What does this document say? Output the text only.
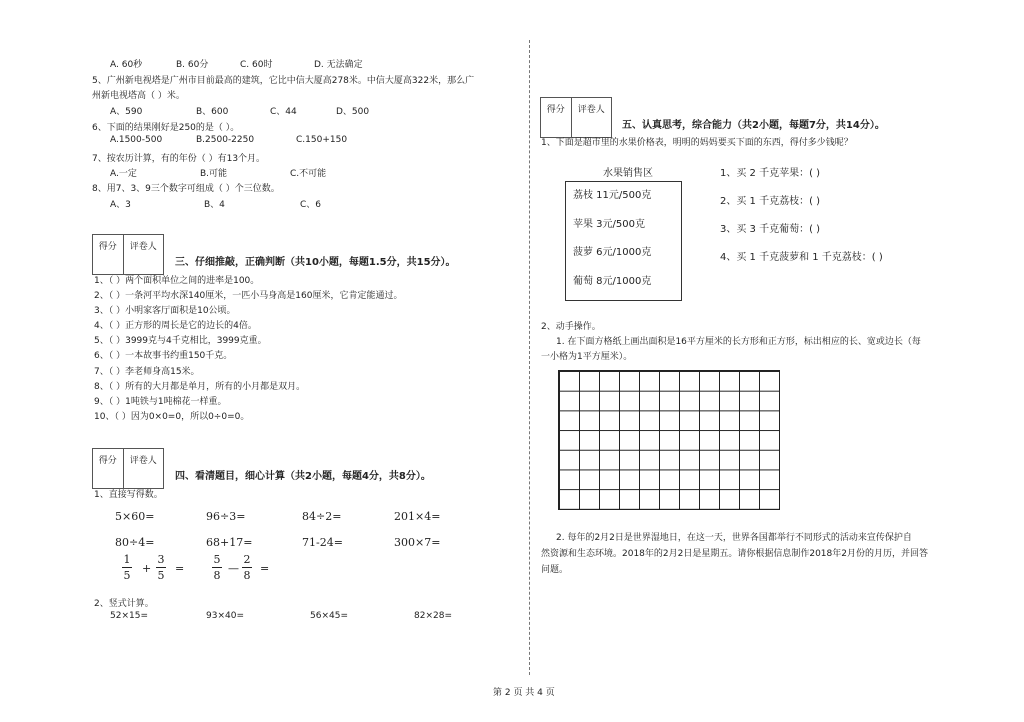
A. 60秒	B. 60分	C. 60时	D. 无法确定
5、广州新电视塔是广州市目前最高的建筑，它比中信大厦高278米。中信大厦高322米，那么广
州新电视塔高（ ）米。
A、590	B、600	C、44	D、500
6、下面的结果刚好是250的是（ ）。
A.1500-500	B.2500-2250	C.150+150
7、按农历计算，有的年份（ ）有13个月。
A.一定	B.可能	C.不可能
8、用7、3、9三个数字可组成（ ）个三位数。
A、3	B、4	C、6
得分	评卷人
三、仔细推敲，正确判断（共10小题，每题1.5分，共15分）。
1、（ ）两个面积单位之间的进率是100。
2、（ ）一条河平均水深140厘米，一匹小马身高是160厘米，它肯定能通过。
3、（ ）小明家客厅面积是10公顷。
4、（ ）正方形的周长是它的边长的4倍。
5、（ ）3999克与4千克相比，3999克重。
6、（ ）一本故事书约重150千克。
7、（ ）李老师身高15米。
8、（ ）所有的大月都是单月，所有的小月都是双月。
9、（ ）1吨铁与1吨棉花一样重。
10、（ ）因为0×0=0，所以0÷0=0。
得分	评卷人
四、看清题目，细心计算（共2小题，每题4分，共8分）。
1、直接写得数。
5×60=	96÷3=	84÷2=	201×4=
80÷4=	68+17=	71-24=	300×7=
1
5
+
3
5
=
5
8
—
2
8
=
2、竖式计算。
52×15=	93×40=	56×45=	82×28=
得分	评卷人
五、认真思考，综合能力（共2小题，每题7分，共14分）。
1、下面是超市里的水果价格表，明明的妈妈要买下面的东西，得付多少钱呢？
水果销售区
荔枝 11元/500克
苹果 3元/500克
菠萝 6元/1000克
葡萄 8元/1000克
1、买 2 千克苹果：( )
2、买 1 千克荔枝：( )
3、买 3 千克葡萄：( )
4、买 1 千克菠萝和 1 千克荔枝：( )
2、动手操作。
1. 在下面方格纸上画出面积是16平方厘米的长方形和正方形，标出相应的长、宽或边长（每
一小格为1平方厘米）。
2. 每年的2月2日是世界湿地日，在这一天，世界各国都举行不同形式的活动来宣传保护自
然资源和生态环境。2018年的2月2日是星期五。请你根据信息制作2018年2月份的月历，并回答
问题。
第 2 页 共 4 页
